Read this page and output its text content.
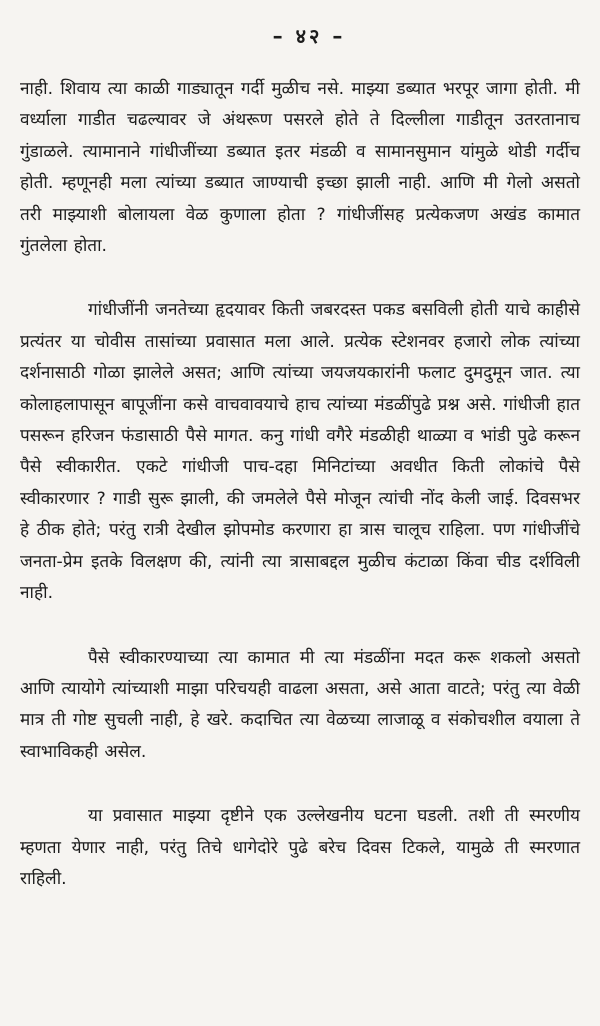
– ४२ –

नाही. शिवाय त्या काळी गाड्यातून गर्दी मुळीच नसे. माझ्या डब्यात भरपूर जागा होती. मी वर्ध्याला गाडीत चढल्यावर जे अंथरूण पसरले होते ते दिल्लीला गाडीतून उतरतानाच गुंडाळले. त्यामानाने गांधीजींच्या डब्यात इतर मंडळी व सामानसुमान यांमुळे थोडी गर्दीच होती. म्हणूनही मला त्यांच्या डब्यात जाण्याची इच्छा झाली नाही. आणि मी गेलो असतो तरी माझ्याशी बोलायला वेळ कुणाला होता ? गांधीजींसह प्रत्येकजण अखंड कामात गुंतलेला होता.

गांधीजींनी जनतेच्या हृदयावर किती जबरदस्त पकड बसविली होती याचे काहीसे प्रत्यंतर या चोवीस तासांच्या प्रवासात मला आले. प्रत्येक स्टेशनवर हजारो लोक त्यांच्या दर्शनासाठी गोळा झालेले असत; आणि त्यांच्या जयजयकारांनी फलाट दुमदुमून जात. त्या कोलाहलापासून बापूजींना कसे वाचवावयाचे हाच त्यांच्या मंडळींपुढे प्रश्न असे. गांधीजी हात पसरून हरिजन फंडासाठी पैसे मागत. कनु गांधी वगैरे मंडळीही थाळ्या व भांडी पुढे करून पैसे स्वीकारीत. एकटे गांधीजी पाच-दहा मिनिटांच्या अवधीत किती लोकांचे पैसे स्वीकारणार ? गाडी सुरू झाली, की जमलेले पैसे मोजून त्यांची नोंद केली जाई. दिवसभर हे ठीक होते; परंतु रात्री देखील झोपमोड करणारा हा त्रास चालूच राहिला. पण गांधीजींचे जनता-प्रेम इतके विलक्षण की, त्यांनी त्या त्रासाबद्दल मुळीच कंटाळा किंवा चीड दर्शविली नाही.

पैसे स्वीकारण्याच्या त्या कामात मी त्या मंडळींना मदत करू शकलो असतो आणि त्यायोगे त्यांच्याशी माझा परिचयही वाढला असता, असे आता वाटते; परंतु त्या वेळी मात्र ती गोष्ट सुचली नाही, हे खरे. कदाचित त्या वेळच्या लाजाळू व संकोचशील वयाला ते स्वाभाविकही असेल.

या प्रवासात माझ्या दृष्टीने एक उल्लेखनीय घटना घडली. तशी ती स्मरणीय म्हणता येणार नाही, परंतु तिचे धागेदोरे पुढे बरेच दिवस टिकले, यामुळे ती स्मरणात राहिली.
